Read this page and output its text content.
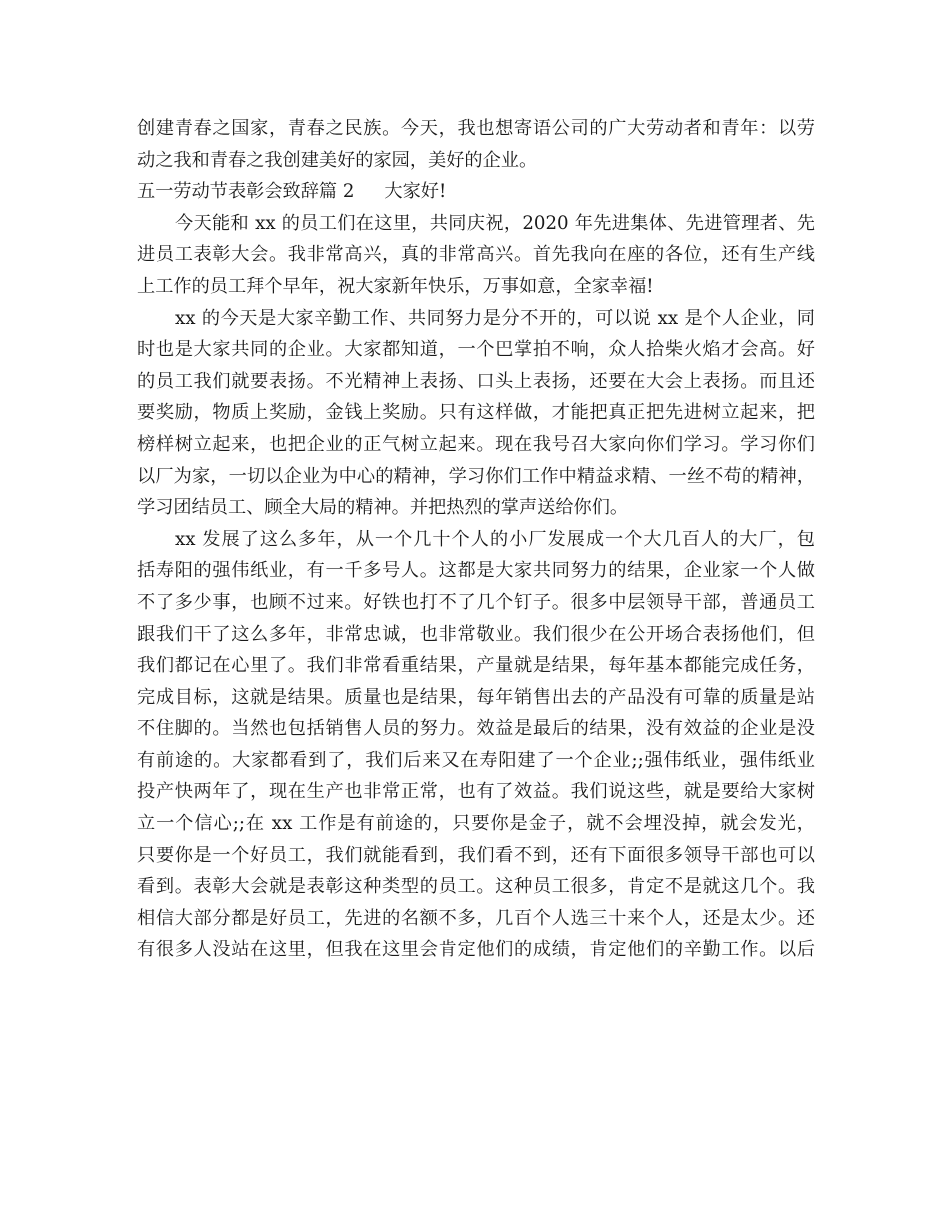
创建青春之国家，青春之民族。今天，我也想寄语公司的广大劳动者和青年：以劳
动之我和青春之我创建美好的家园，美好的企业。
五一劳动节表彰会致辞篇 2 大家好!
今天能和 xx 的员工们在这里，共同庆祝，2020 年先进集体、先进管理者、先
进员工表彰大会。我非常高兴，真的非常高兴。首先我向在座的各位，还有生产线
上工作的员工拜个早年，祝大家新年快乐，万事如意，全家幸福!
xx 的今天是大家辛勤工作、共同努力是分不开的，可以说 xx 是个人企业，同
时也是大家共同的企业。大家都知道，一个巴掌拍不响，众人拾柴火焰才会高。好
的员工我们就要表扬。不光精神上表扬、口头上表扬，还要在大会上表扬。而且还
要奖励，物质上奖励，金钱上奖励。只有这样做，才能把真正把先进树立起来，把
榜样树立起来，也把企业的正气树立起来。现在我号召大家向你们学习。学习你们
以厂为家，一切以企业为中心的精神，学习你们工作中精益求精、一丝不苟的精神，
学习团结员工、顾全大局的精神。并把热烈的掌声送给你们。
xx 发展了这么多年，从一个几十个人的小厂发展成一个大几百人的大厂，包
括寿阳的强伟纸业，有一千多号人。这都是大家共同努力的结果，企业家一个人做
不了多少事，也顾不过来。好铁也打不了几个钉子。很多中层领导干部，普通员工
跟我们干了这么多年，非常忠诚，也非常敬业。我们很少在公开场合表扬他们，但
我们都记在心里了。我们非常看重结果，产量就是结果，每年基本都能完成任务，
完成目标，这就是结果。质量也是结果，每年销售出去的产品没有可靠的质量是站
不住脚的。当然也包括销售人员的努力。效益是最后的结果，没有效益的企业是没
有前途的。大家都看到了，我们后来又在寿阳建了一个企业;;强伟纸业，强伟纸业
投产快两年了，现在生产也非常正常，也有了效益。我们说这些，就是要给大家树
立一个信心;;在 xx 工作是有前途的，只要你是金子，就不会埋没掉，就会发光，
只要你是一个好员工，我们就能看到，我们看不到，还有下面很多领导干部也可以
看到。表彰大会就是表彰这种类型的员工。这种员工很多，肯定不是就这几个。我
相信大部分都是好员工，先进的名额不多，几百个人选三十来个人，还是太少。还
有很多人没站在这里，但我在这里会肯定他们的成绩，肯定他们的辛勤工作。以后
